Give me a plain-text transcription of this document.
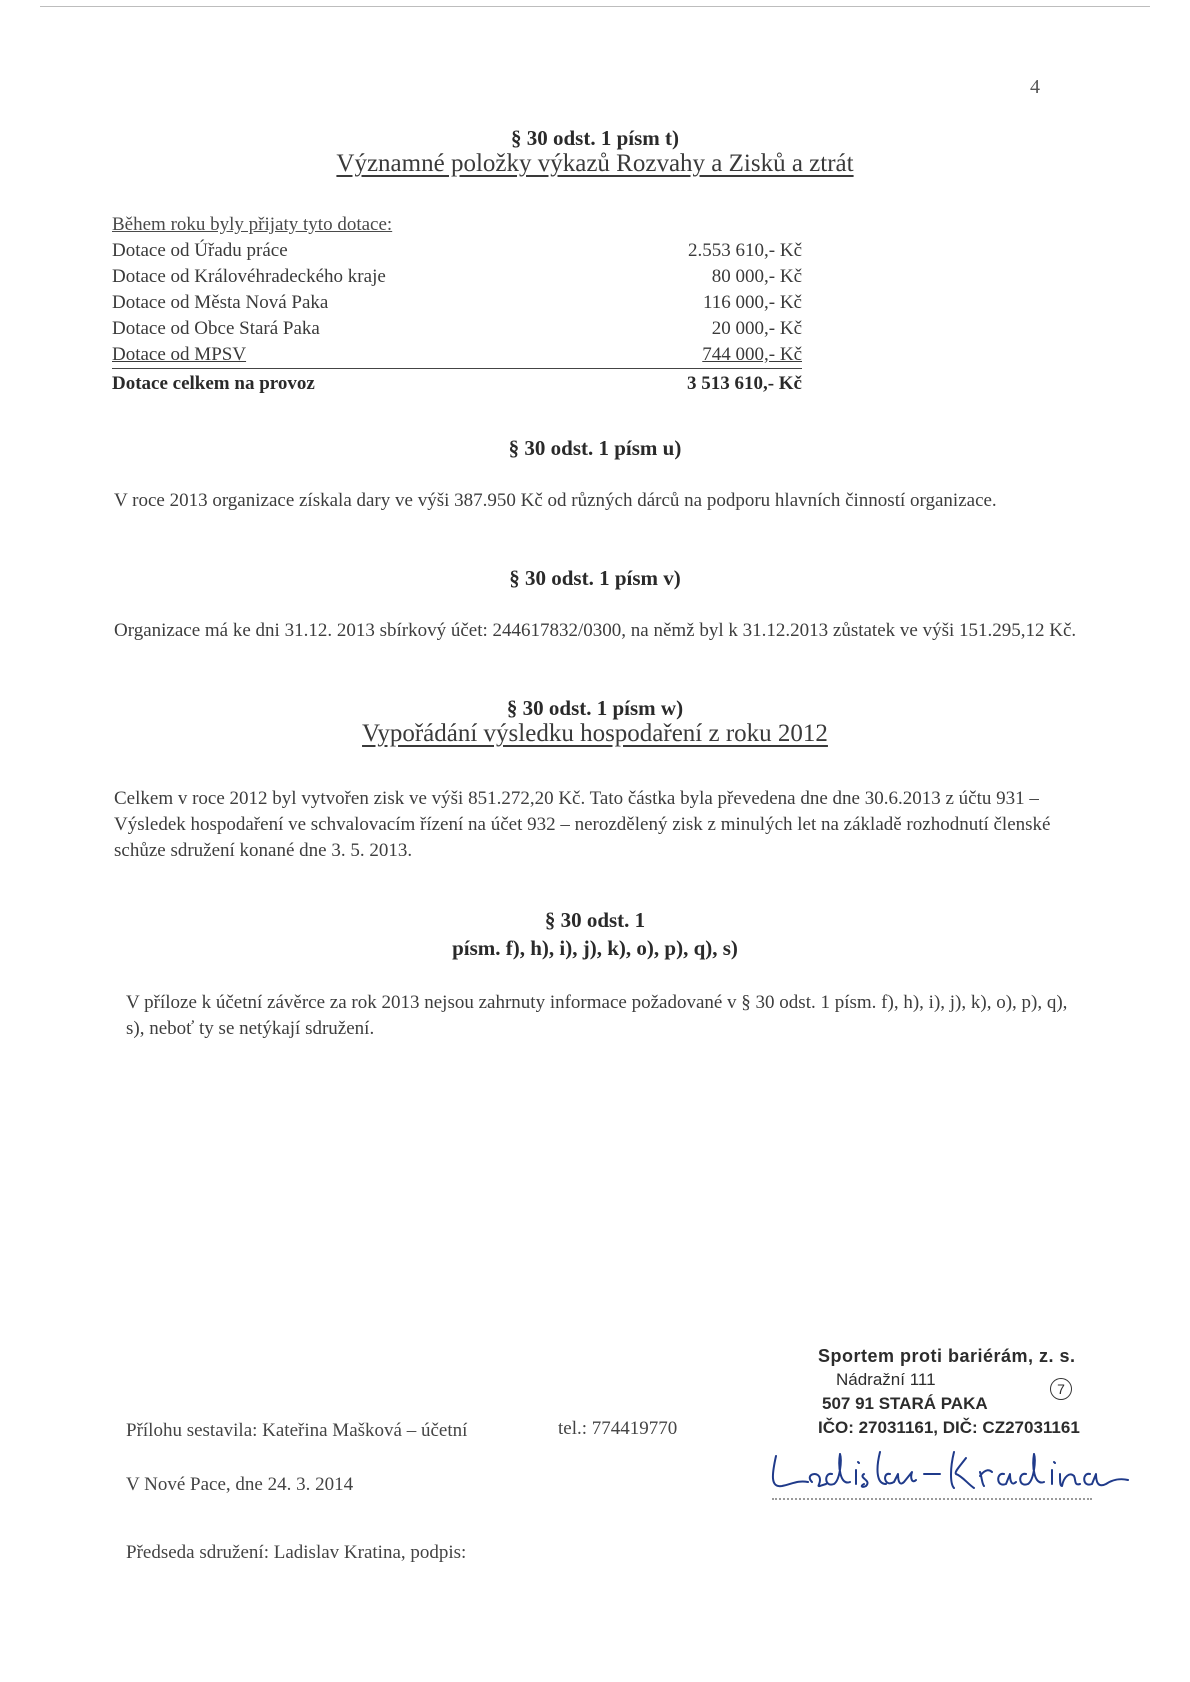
4
§ 30 odst. 1 písm t)
Významné položky výkazů Rozvahy a Zisků a ztrát
Během roku byly přijaty tyto dotace:
Dotace od Úřadu práce	2.553 610,- Kč
Dotace od Královéhradeckého kraje	80 000,- Kč
Dotace od Města Nová Paka	116 000,- Kč
Dotace od Obce Stará Paka	20 000,- Kč
Dotace od MPSV	744 000,- Kč
Dotace celkem na provoz	3 513 610,- Kč
§ 30 odst. 1 písm u)
V roce 2013 organizace získala dary ve výši 387.950 Kč od různých dárců na podporu hlavních činností organizace.
§ 30 odst. 1 písm v)
Organizace má ke dni 31.12. 2013 sbírkový účet: 244617832/0300, na němž byl k 31.12.2013 zůstatek ve výši 151.295,12 Kč.
§ 30 odst. 1 písm w)
Vypořádání výsledku hospodaření z roku 2012
Celkem v roce 2012 byl vytvořen zisk ve výši 851.272,20 Kč. Tato částka byla převedena dne dne 30.6.2013 z účtu 931 – Výsledek hospodaření ve schvalovacím řízení na účet 932 – nerozdělený zisk z minulých let na základě rozhodnutí členské schůze sdružení konané dne 3. 5. 2013.
§ 30 odst. 1
písm. f), h), i), j), k), o), p), q), s)
V příloze k účetní závěrce za rok 2013 nejsou zahrnuty informace požadované v § 30 odst. 1 písm. f), h), i), j), k), o), p), q), s), neboť ty se netýkají sdružení.
Přílohu sestavila: Kateřina Mašková – účetní	tel.: 774419770
V Nové Pace, dne 24. 3. 2014
Předseda sdružení: Ladislav Kratina, podpis:
Sportem proti bariérám, z. s.
Nádražní 111	7
507 91 STARÁ PAKA
IČO: 27031161, DIČ: CZ27031161
